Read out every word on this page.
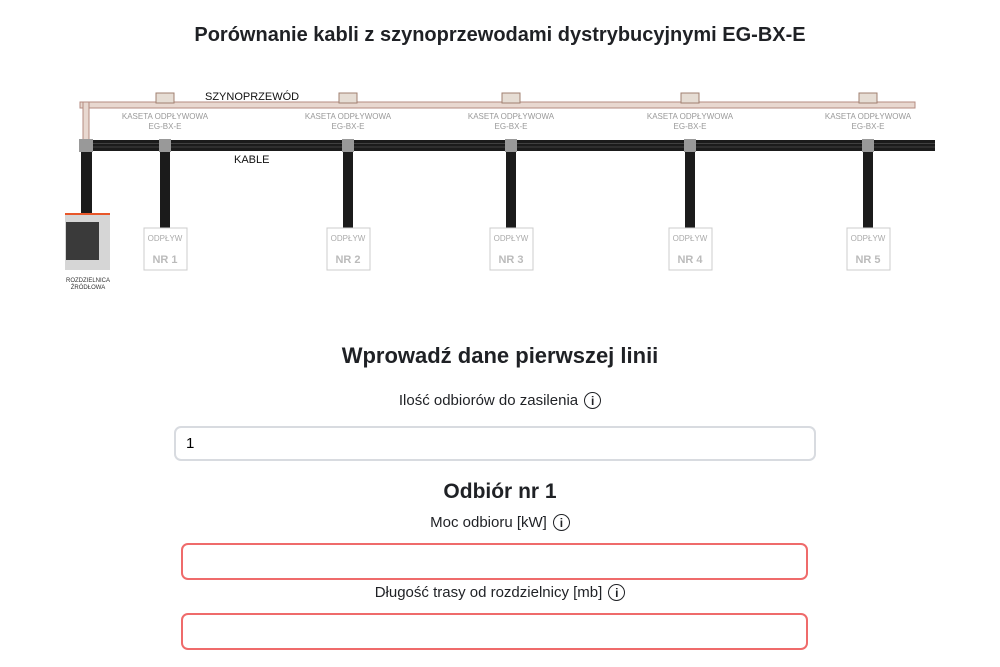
Porównanie kabli z szynoprzewodami dystrybucyjnymi EG-BX-E
SZYNOPRZEWÓD
KASETA ODPŁYWOWA
EG-BX-E
KASETA ODPŁYWOWA
EG-BX-E
KASETA ODPŁYWOWA
EG-BX-E
KASETA ODPŁYWOWA
EG-BX-E
KASETA ODPŁYWOWA
EG-BX-E
KABLE
ODPŁYW
NR 1
ODPŁYW
NR 2
ODPŁYW
NR 3
ODPŁYW
NR 4
ODPŁYW
NR 5
ROZDZIELNICA
ŹRÓDŁOWA
Wprowadź dane pierwszej linii
Ilość odbiorów do zasilenia	i
1
Odbiór nr 1
Moc odbioru [kW]	i
Długość trasy od rozdzielnicy [mb]	i
